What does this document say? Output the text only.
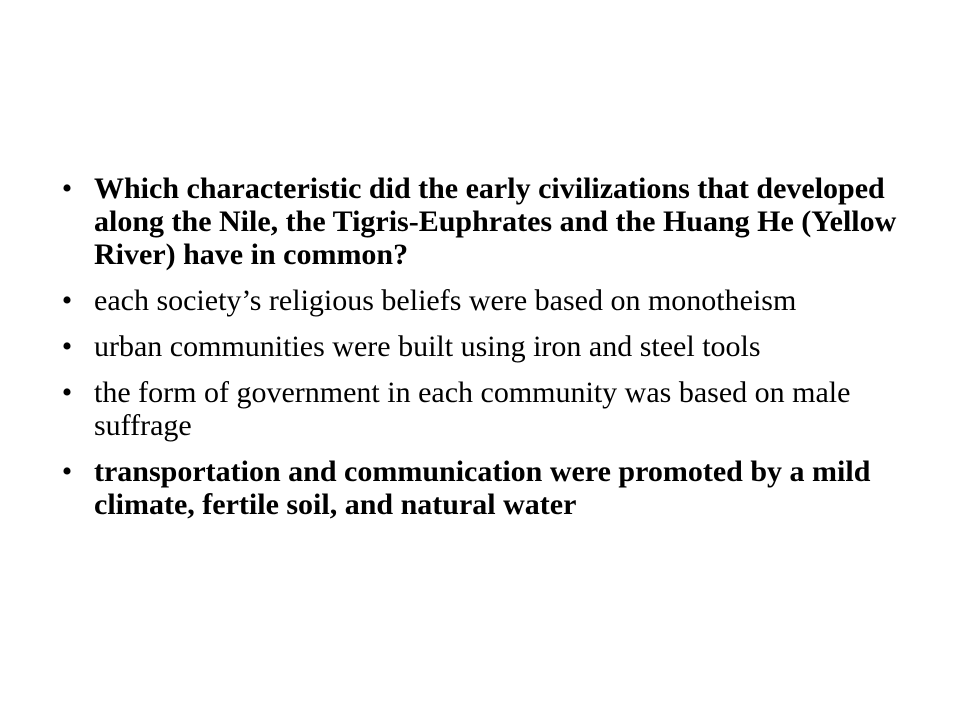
• Which characteristic did the early civilizations that developed along the Nile, the Tigris-Euphrates and the Huang He (Yellow River) have in common?
• each society’s religious beliefs were based on monotheism
• urban communities were built using iron and steel tools
• the form of government in each community was based on male suffrage
• transportation and communication were promoted by a mild climate, fertile soil, and natural water
